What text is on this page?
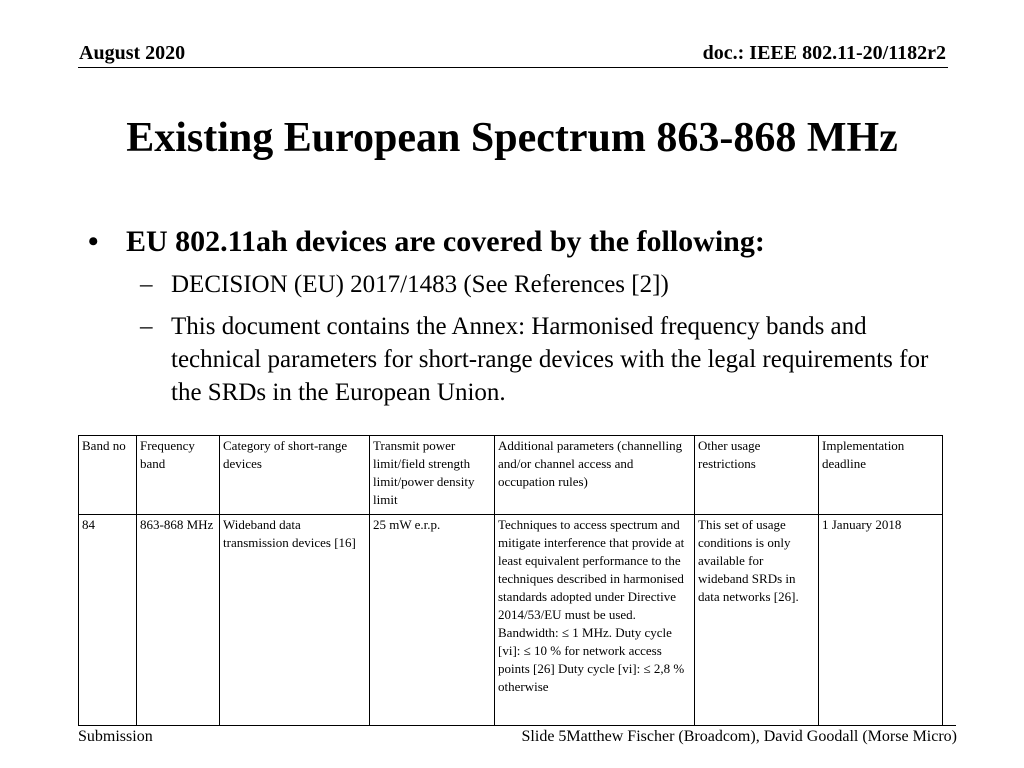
August 2020	doc.: IEEE 802.11-20/1182r2
Existing European Spectrum 863-868 MHz
• EU 802.11ah devices are covered by the following:
– DECISION (EU) 2017/1483 (See References [2])
– This document contains the Annex: Harmonised frequency bands and technical parameters for short-range devices with the legal requirements for the SRDs in the European Union.
Band no	Frequency band	Category of short-range devices	Transmit power limit/field strength limit/power density limit	Additional parameters (channelling and/or channel access and occupation rules)	Other usage restrictions	Implementation deadline
84	863-868 MHz	Wideband data transmission devices [16]	25 mW e.r.p.	Techniques to access spectrum and mitigate interference that provide at least equivalent performance to the techniques described in harmonised standards adopted under Directive 2014/53/EU must be used. Bandwidth: ≤ 1 MHz. Duty cycle [vi]: ≤ 10 % for network access points [26] Duty cycle [vi]: ≤ 2,8 % otherwise	This set of usage conditions is only available for wideband SRDs in data networks [26].	1 January 2018
Submission	Slide 5Matthew Fischer (Broadcom), David Goodall (Morse Micro)
